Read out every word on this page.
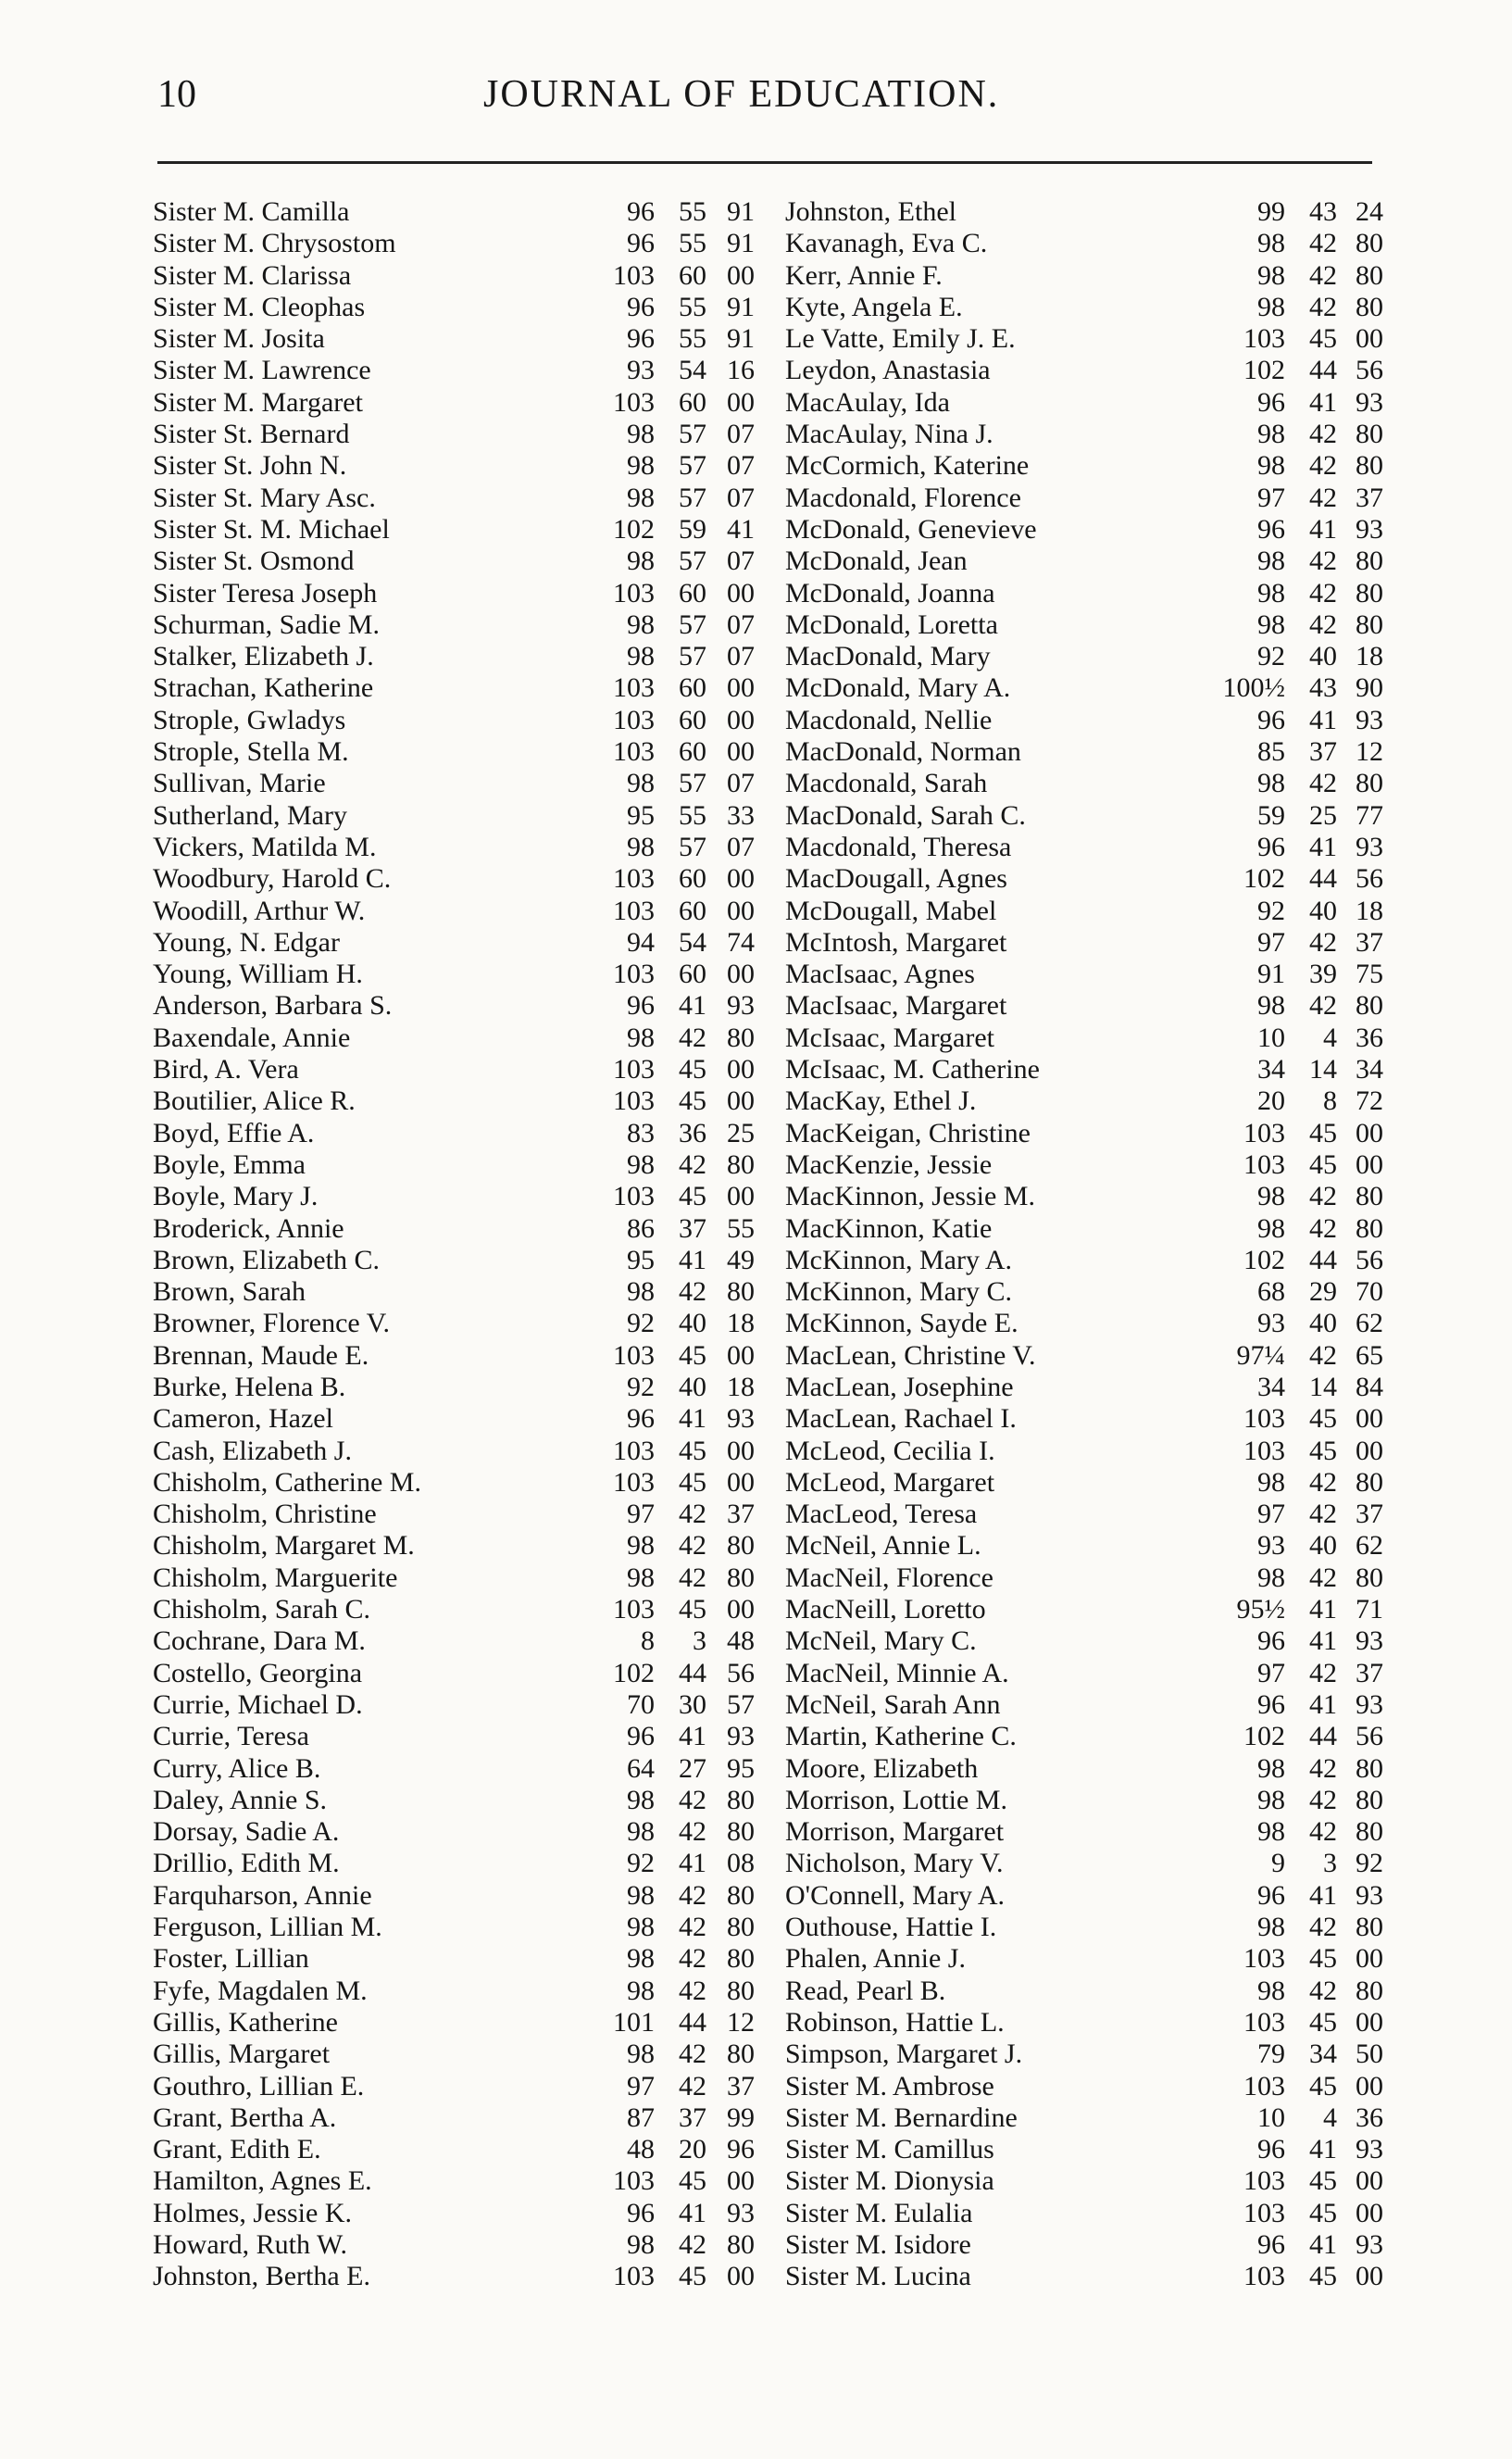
10	JOURNAL OF EDUCATION.
Sister M. Camilla	96 55 91
Sister M. Chrysostom	96 55 91
Sister M. Clarissa	103 60 00
Sister M. Cleophas	96 55 91
Sister M. Josita	96 55 91
Sister M. Lawrence	93 54 16
Sister M. Margaret	103 60 00
Sister St. Bernard	98 57 07
Sister St. John N.	98 57 07
Sister St. Mary Asc.	98 57 07
Sister St. M. Michael	102 59 41
Sister St. Osmond	98 57 07
Sister Teresa Joseph	103 60 00
Schurman, Sadie M.	98 57 07
Stalker, Elizabeth J.	98 57 07
Strachan, Katherine	103 60 00
Strople, Gwladys	103 60 00
Strople, Stella M.	103 60 00
Sullivan, Marie	98 57 07
Sutherland, Mary	95 55 33
Vickers, Matilda M.	98 57 07
Woodbury, Harold C.	103 60 00
Woodill, Arthur W.	103 60 00
Young, N. Edgar	94 54 74
Young, William H.	103 60 00
Anderson, Barbara S.	96 41 93
Baxendale, Annie	98 42 80
Bird, A. Vera	103 45 00
Boutilier, Alice R.	103 45 00
Boyd, Effie A.	83 36 25
Boyle, Emma	98 42 80
Boyle, Mary J.	103 45 00
Broderick, Annie	86 37 55
Brown, Elizabeth C.	95 41 49
Brown, Sarah	98 42 80
Browner, Florence V.	92 40 18
Brennan, Maude E.	103 45 00
Burke, Helena B.	92 40 18
Cameron, Hazel	96 41 93
Cash, Elizabeth J.	103 45 00
Chisholm, Catherine M.	103 45 00
Chisholm, Christine	97 42 37
Chisholm, Margaret M.	98 42 80
Chisholm, Marguerite	98 42 80
Chisholm, Sarah C.	103 45 00
Cochrane, Dara M.	8	3 48
Costello, Georgina	102 44 56
Currie, Michael D.	70 30 57
Currie, Teresa	96 41 93
Curry, Alice B.	64 27 95
Daley, Annie S.	98 42 80
Dorsay, Sadie A.	98 42 80
Drillio, Edith M.	92 41 08
Farquharson, Annie	98 42 80
Ferguson, Lillian M.	98 42 80
Foster, Lillian	98 42 80
Fyfe, Magdalen M.	98 42 80
Gillis, Katherine	101 44 12
Gillis, Margaret	98 42 80
Gouthro, Lillian E.	97 42 37
Grant, Bertha A.	87 37 99
Grant, Edith E.	48 20 96
Hamilton, Agnes E.	103 45 00
Holmes, Jessie K.	96 41 93
Howard, Ruth W.	98 42 80
Johnston, Bertha E.	103 45 00
Johnston, Ethel	99 43 24
Kavanagh, Eva C.	98 42 80
Kerr, Annie F.	98 42 80
Kyte, Angela E.	98 42 80
Le Vatte, Emily J. E.	103 45 00
Leydon, Anastasia	102 44 56
MacAulay, Ida	96 41 93
MacAulay, Nina J.	98 42 80
McCormich, Katerine	98 42 80
Macdonald, Florence	97 42 37
McDonald, Genevieve	96 41 93
McDonald, Jean	98 42 80
McDonald, Joanna	98 42 80
McDonald, Loretta	98 42 80
MacDonald, Mary	92 40 18
McDonald, Mary A.	100½ 43 90
Macdonald, Nellie	96 41 93
MacDonald, Norman	85 37 12
Macdonald, Sarah	98 42 80
MacDonald, Sarah C.	59 25 77
Macdonald, Theresa	96 41 93
MacDougall, Agnes	102 44 56
McDougall, Mabel	92 40 18
McIntosh, Margaret	97 42 37
MacIsaac, Agnes	91 39 75
MacIsaac, Margaret	98 42 80
McIsaac, Margaret	10	4 36
McIsaac, M. Catherine	34 14 34
MacKay, Ethel J.	20	8 72
MacKeigan, Christine	103 45 00
MacKenzie, Jessie	103 45 00
MacKinnon, Jessie M.	98 42 80
MacKinnon, Katie	98 42 80
McKinnon, Mary A.	102 44 56
McKinnon, Mary C.	68 29 70
McKinnon, Sayde E.	93 40 62
MacLean, Christine V.	97¼ 42 65
MacLean, Josephine	34 14 84
MacLean, Rachael I.	103 45 00
McLeod, Cecilia I.	103 45 00
McLeod, Margaret	98 42 80
MacLeod, Teresa	97 42 37
McNeil, Annie L.	93 40 62
MacNeil, Florence	98 42 80
MacNeill, Loretto	95½ 41 71
McNeil, Mary C.	96 41 93
MacNeil, Minnie A.	97 42 37
McNeil, Sarah Ann	96 41 93
Martin, Katherine C.	102 44 56
Moore, Elizabeth	98 42 80
Morrison, Lottie M.	98 42 80
Morrison, Margaret	98 42 80
Nicholson, Mary V.	9	3 92
O'Connell, Mary A.	96 41 93
Outhouse, Hattie I.	98 42 80
Phalen, Annie J.	103 45 00
Read, Pearl B.	98 42 80
Robinson, Hattie L.	103 45 00
Simpson, Margaret J.	79 34 50
Sister M. Ambrose	103 45 00
Sister M. Bernardine	10	4 36
Sister M. Camillus	96 41 93
Sister M. Dionysia	103 45 00
Sister M. Eulalia	103 45 00
Sister M. Isidore	96 41 93
Sister M. Lucina	103 45 00
